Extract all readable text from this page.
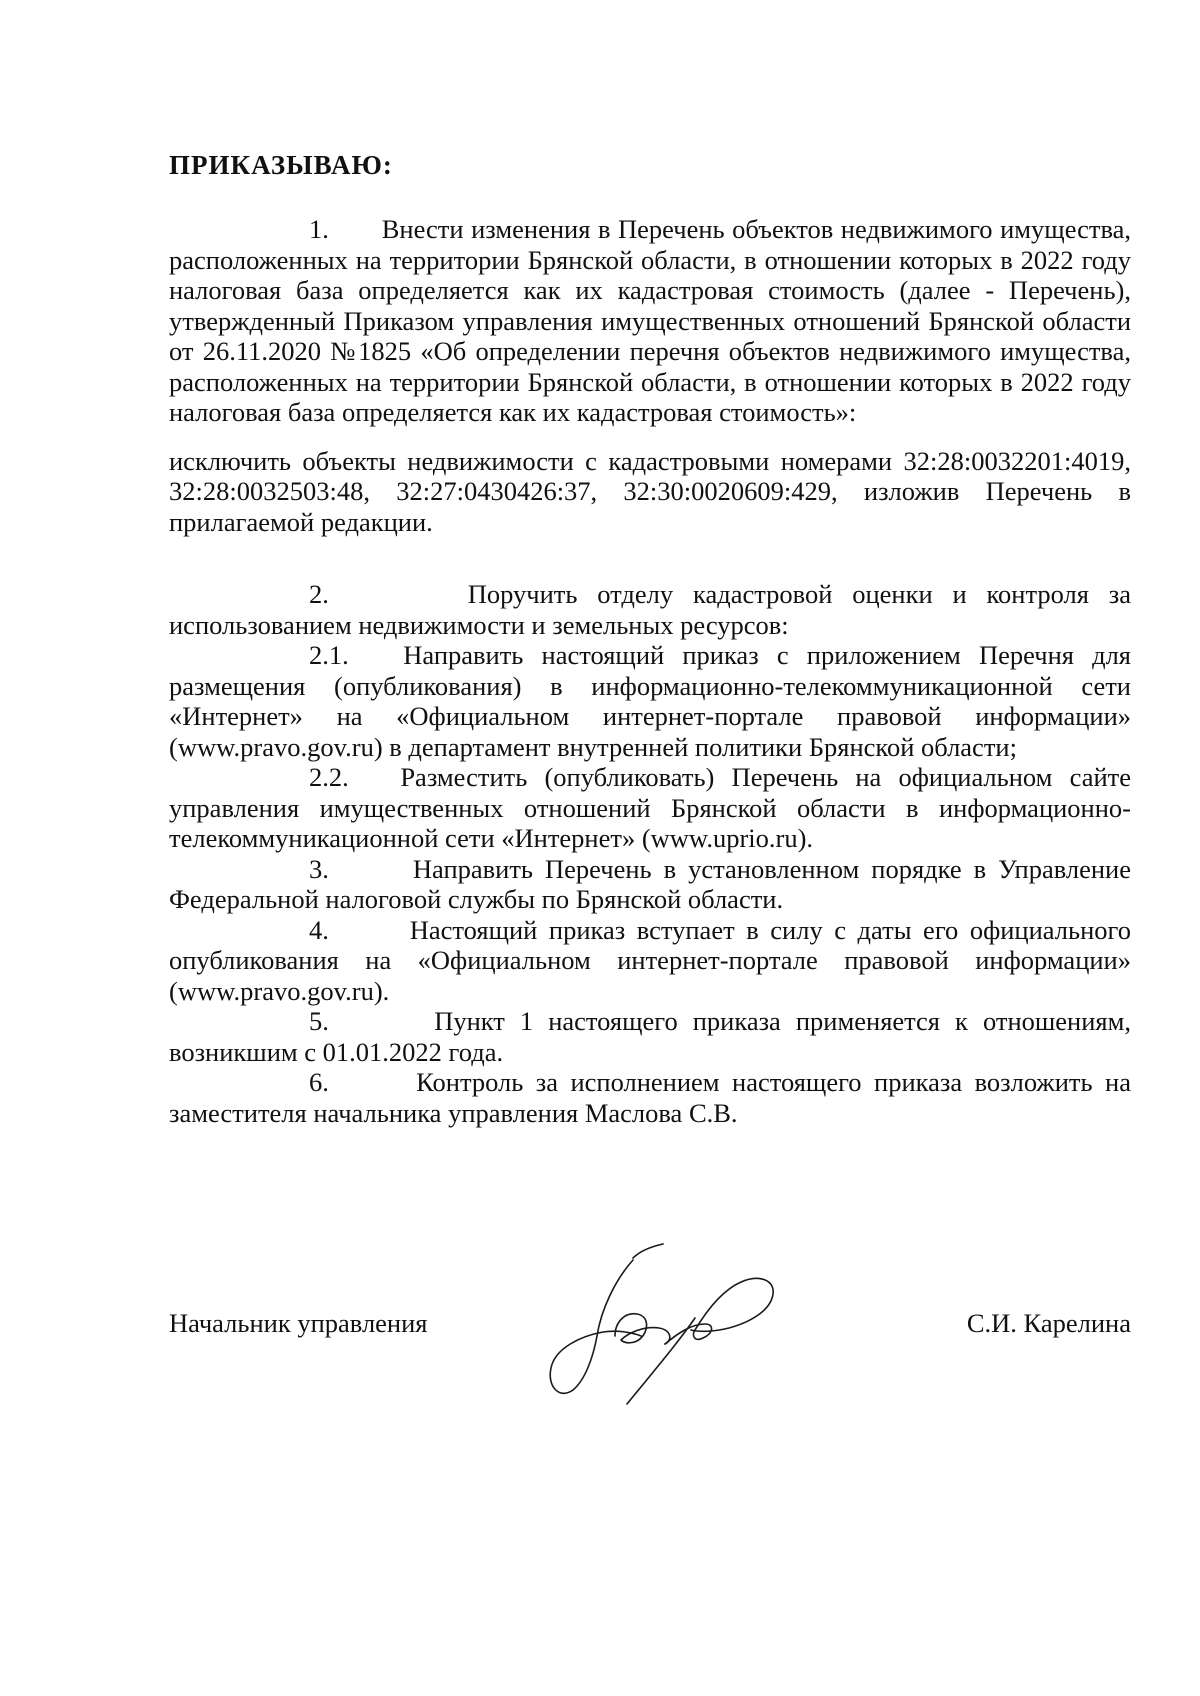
ПРИКАЗЫВАЮ:

1. Внести изменения в Перечень объектов недвижимого имущества, расположенных на территории Брянской области, в отношении которых в 2022 году налоговая база определяется как их кадастровая стоимость (далее - Перечень), утвержденный Приказом управления имущественных отношений Брянской области от 26.11.2020 №1825 «Об определении перечня объектов недвижимого имущества, расположенных на территории Брянской области, в отношении которых в 2022 году налоговая база определяется как их кадастровая стоимость»:

исключить объекты недвижимости с кадастровыми номерами 32:28:0032201:4019, 32:28:0032503:48, 32:27:0430426:37, 32:30:0020609:429, изложив Перечень в прилагаемой редакции.

2.	Поручить отделу кадастровой оценки и контроля за использованием недвижимости и земельных ресурсов:

2.1. Направить настоящий приказ с приложением Перечня для размещения (опубликования) в информационно-телекоммуникационной сети «Интернет» на «Официальном интернет-портале правовой информации» (www.pravo.gov.ru) в департамент внутренней политики Брянской области;

2.2. Разместить (опубликовать) Перечень на официальном сайте управления имущественных отношений Брянской области в информационно-телекоммуникационной сети «Интернет» (www.uprio.ru).

3.	Направить Перечень в установленном порядке в Управление Федеральной налоговой службы по Брянской области.

4.	Настоящий приказ вступает в силу с даты его официального опубликования на «Официальном интернет-портале правовой информации» (www.pravo.gov.ru).

5.	Пункт 1 настоящего приказа применяется к отношениям, возникшим с 01.01.2022 года.

6.	Контроль за исполнением настоящего приказа возложить на заместителя начальника управления Маслова С.В.

Начальник управления	С.И. Карелина
